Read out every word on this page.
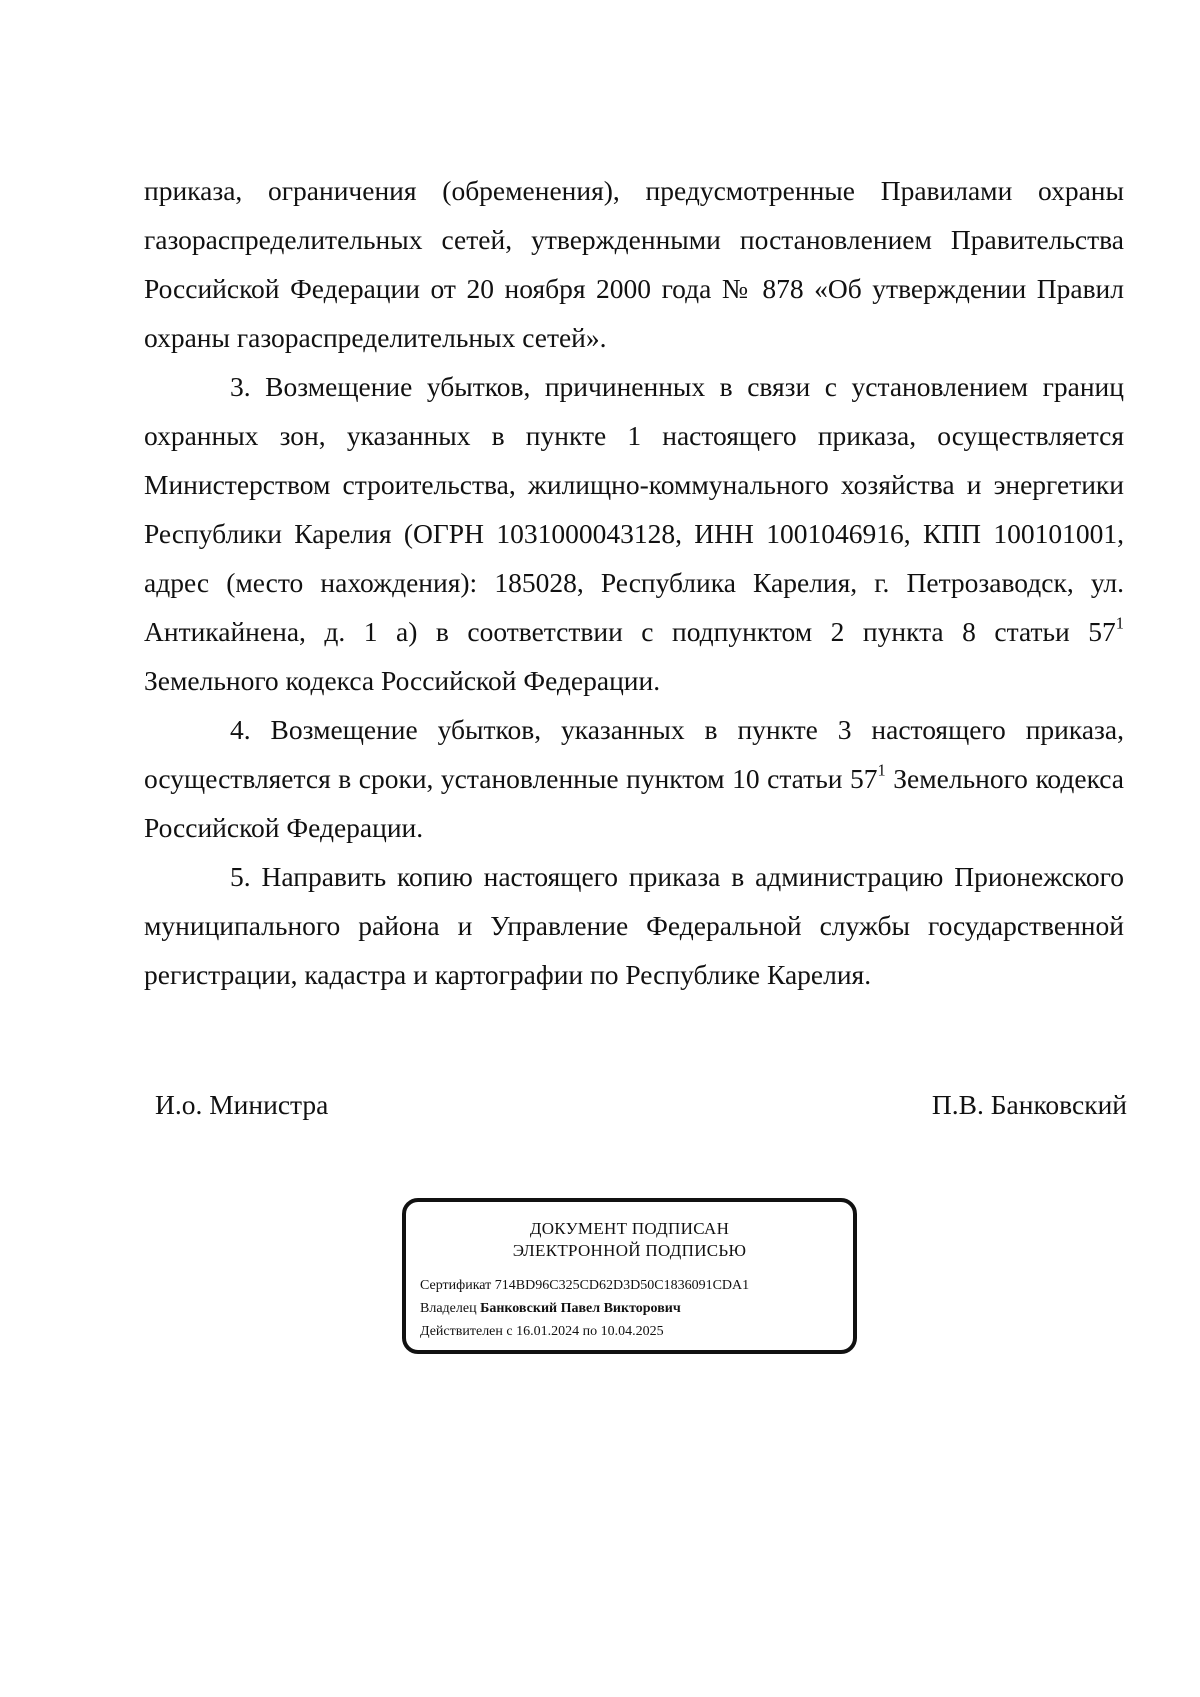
приказа, ограничения (обременения), предусмотренные Правилами охраны газораспределительных сетей, утвержденными постановлением Правительства Российской Федерации от 20 ноября 2000 года № 878 «Об утверждении Правил охраны газораспределительных сетей».

3. Возмещение убытков, причиненных в связи с установлением границ охранных зон, указанных в пункте 1 настоящего приказа, осуществляется Министерством строительства, жилищно-коммунального хозяйства и энергетики Республики Карелия (ОГРН 1031000043128, ИНН 1001046916, КПП 100101001, адрес (место нахождения): 185028, Республика Карелия, г. Петрозаводск, ул. Антикайнена, д. 1 а) в соответствии с подпунктом 2 пункта 8 статьи $57^1$ Земельного кодекса Российской Федерации.

4. Возмещение убытков, указанных в пункте 3 настоящего приказа, осуществляется в сроки, установленные пунктом 10 статьи $57^1$ Земельного кодекса Российской Федерации.

5. Направить копию настоящего приказа в администрацию Прионежского муниципального района и Управление Федеральной службы государственной регистрации, кадастра и картографии по Республике Карелия.

И.о. Министра	П.В. Банковский
ДОКУМЕНТ ПОДПИСАН
ЭЛЕКТРОННОЙ ПОДПИСЬЮ
Сертификат 714BD96C325CD62D3D50C1836091CDA1
Владелец Банковский Павел Викторович
Действителен с 16.01.2024 по 10.04.2025
